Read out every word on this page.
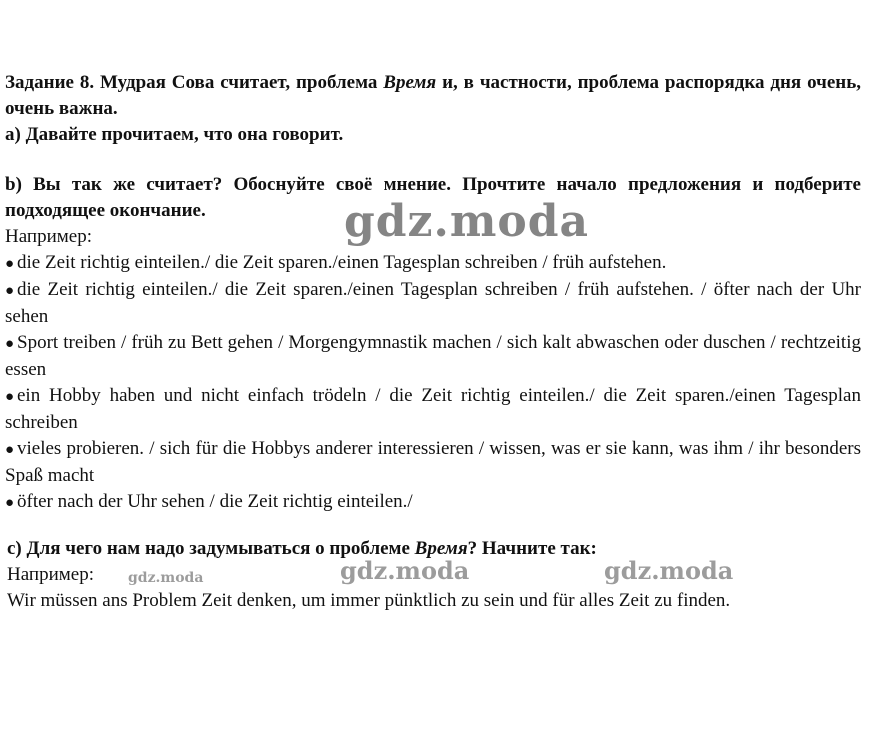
Задание 8. Мудрая Сова считает, проблема Время и, в частности, проблема распорядка дня очень, очень важна.

а) Давайте прочитаем, что она говорит.

b) Вы так же считает? Обоснуйте своё мнение. Прочтите начало предложения и подберите подходящее окончание.

Например:

● die Zeit richtig einteilen./ die Zeit sparen./einen Tagesplan schreiben / früh aufstehen.

● die Zeit richtig einteilen./ die Zeit sparen./einen Tagesplan schreiben / früh aufstehen. / öfter nach der Uhr sehen

● Sport treiben / früh zu Bett gehen / Morgengymnastik machen / sich kalt abwaschen oder duschen / rechtzeitig essen

● ein Hobby haben und nicht einfach trödeln / die Zeit richtig einteilen./ die Zeit sparen./einen Tagesplan schreiben

● vieles probieren. / sich für die Hobbys anderer interessieren / wissen, was er sie kann, was ihm / ihr besonders Spaß macht

● öfter nach der Uhr sehen / die Zeit richtig einteilen./

c) Для чего нам надо задумываться о проблеме Время? Начните так:

Например:

Wir müssen ans Problem Zeit denken, um immer pünktlich zu sein und für alles Zeit zu finden.

gdz.moda
gdz.moda	gdz.moda	gdz.moda
